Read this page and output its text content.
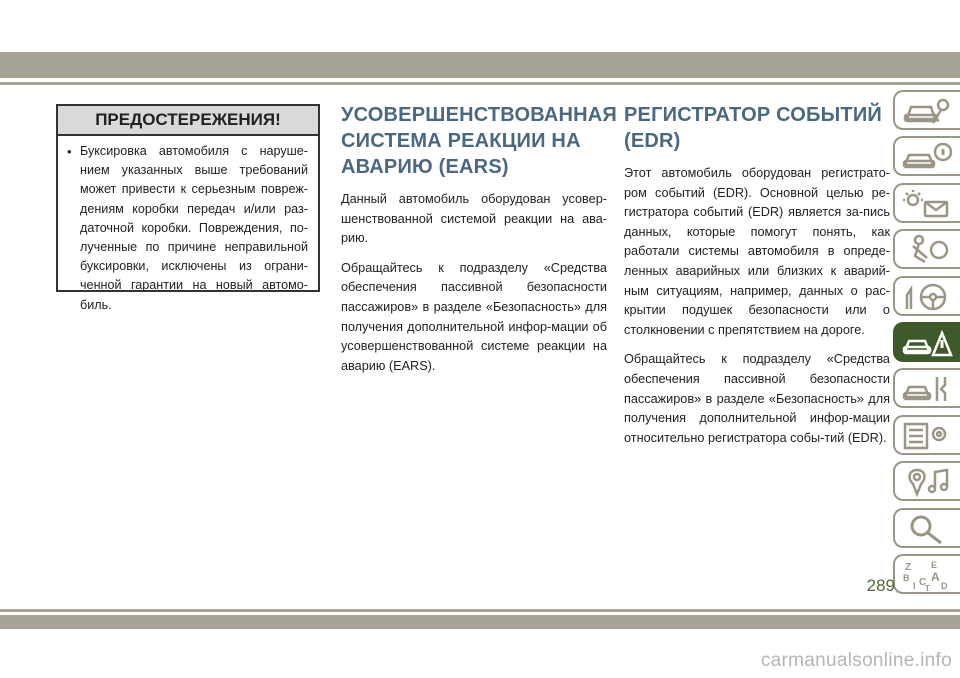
ПРЕДОСТЕРЕЖЕНИЯ!
• Буксировка автомобиля с наруше-нием указанных выше требований может привести к серьезным повреж-дениям коробки передач и/или раз-даточной коробки. Повреждения, по-лученные по причине неправильной буксировки, исключены из ограни-ченной гарантии на новый автомо-биль.
УСОВЕРШЕНСТВОВАННАЯ СИСТЕМА РЕАКЦИИ НА АВАРИЮ (EARS)

Данный автомобиль оборудован усовер-шенствованной системой реакции на ава-рию.

Обращайтесь к подразделу «Средства обеспечения пассивной безопасности пассажиров» в разделе «Безопасность» для получения дополнительной инфор-мации об усовершенствованной системе реакции на аварию (EARS).

РЕГИСТРАТОР СОБЫТИЙ (EDR)

Этот автомобиль оборудован регистрато-ром событий (EDR). Основной целью ре-гистратора событий (EDR) является за-пись данных, которые помогут понять, как работали системы автомобиля в опреде-ленных аварийных или близких к аварий-ным ситуациям, например, данных о рас-крытии подушек безопасности или о столкновении с препятствием на дороге.

Обращайтесь к подразделу «Средства обеспечения пассивной безопасности пассажиров» в разделе «Безопасность» для получения дополнительной инфор-мации относительно регистратора собы-тий (EDR).

Z E
B A
I C D
T
289
carmanualsonline.info
